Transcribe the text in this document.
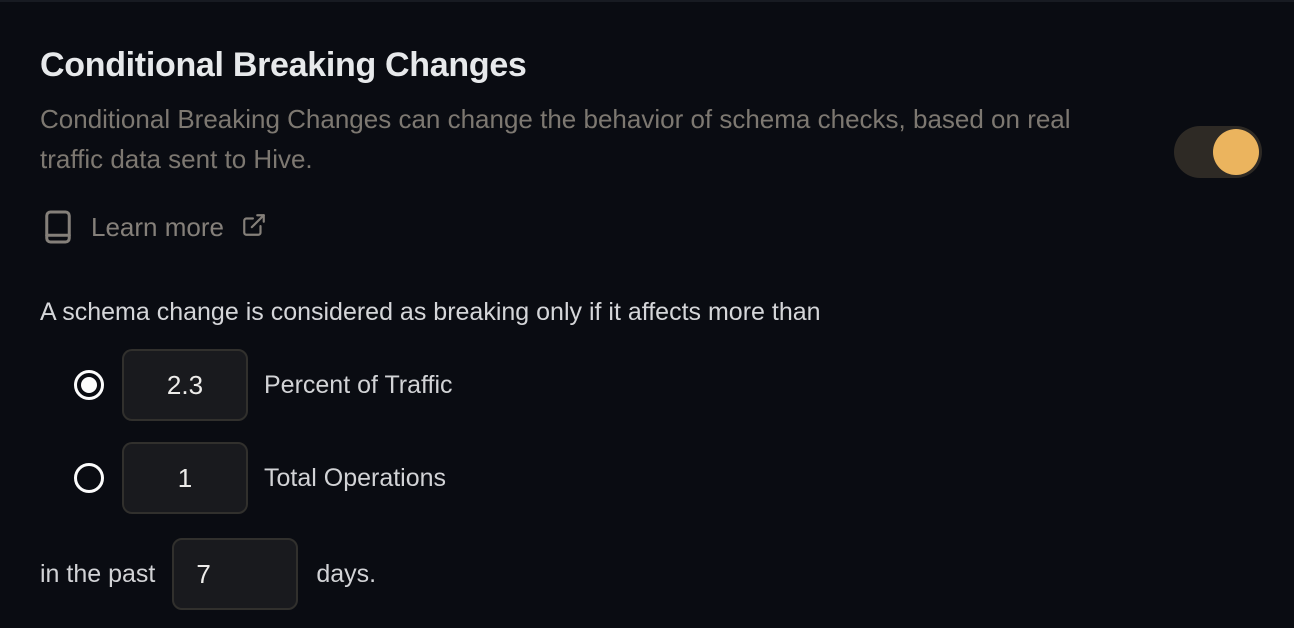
Conditional Breaking Changes

Conditional Breaking Changes can change the behavior of schema checks, based on real traffic data sent to Hive.

Learn more

A schema change is considered as breaking only if it affects more than

2.3
Percent of Traffic
1
Total Operations
in the past
7	days.
